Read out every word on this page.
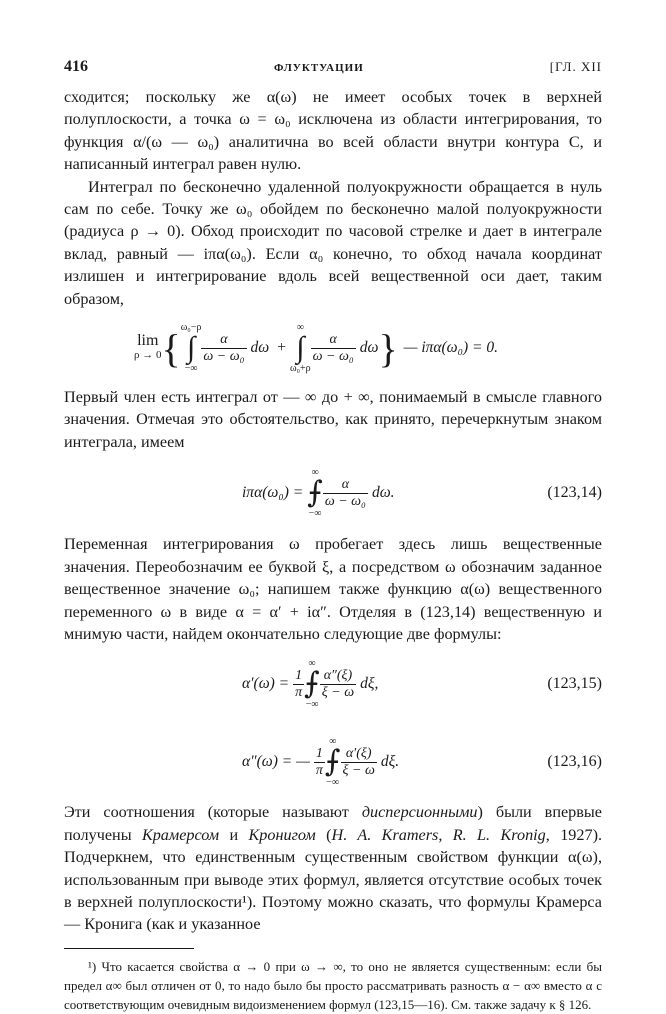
416	ФЛУКТУАЦИИ	[ГЛ. XII

сходится; поскольку же α(ω) не имеет особых точек в верхней полуплоскости, а точка ω = ω₀ исключена из области интегрирования, то функция α/(ω — ω₀) аналитична во всей области внутри контура C, и написанный интеграл равен нулю.

Интеграл по бесконечно удаленной полуокружности обращается в нуль сам по себе. Точку же ω₀ обойдем по бесконечно малой полуокружности (радиуса ρ → 0). Обход происходит по часовой стрелке и дает в интеграле вклад, равный — iπα(ω₀). Если α₀ конечно, то обход начала координат излишен и интегрирование вдоль всей вещественной оси дает, таким образом,

lim
ρ → 0 { ω₀−ρ
∫
−∞
$\frac{\alpha}{\text{ω − ω₀}}$ dω +
∞
∫
ω₀+ρ
$\frac{\alpha}{\text{ω − ω₀}}$ dω } — iπα(ω₀) = 0.

Первый член есть интеграл от — ∞ до + ∞, понимаемый в смысле главного значения. Отмечая это обстоятельство, как принято, перечеркнутым знаком интеграла, имеем

iπα(ω₀) =
∞
⨍
−∞
$\frac{\alpha}{\text{ω − ω₀}} d\omega$.	(123,14)

Переменная интегрирования ω пробегает здесь лишь вещественные значения. Переобозначим ее буквой ξ, а посредством ω обозначим заданное вещественное значение ω₀; напишем также функцию α(ω) вещественного переменного ω в виде α = α′ + iα″. Отделяя в (123,14) вещественную и мнимую части, найдем окончательно следующие две формулы:

$\alpha'(\omega) = \frac{1}{\pi}$
∞
⨍
−∞
$\frac{\alpha''(\xi)}{\xi - \omega} d\xi$,	(123,15)
α″(ω) = — $\frac{1}{\pi}$
∞
⨍
−∞
$\frac{\alpha'(\xi)}{\xi - \omega} d\xi$.	(123,16)

Эти соотношения (которые называют дисперсионными) были впервые получены Крамерсом и Кронигом (H. A. Kramers, R. L. Kronig, 1927). Подчеркнем, что единственным существенным свойством функции α(ω), использованным при выводе этих формул, является отсутствие особых точек в верхней полуплоскости¹). Поэтому можно сказать, что формулы Крамерса — Кронига (как и указанное

¹) Что касается свойства α → 0 при ω → ∞, то оно не является существенным: если бы предел α∞ был отличен от 0, то надо было бы просто рассматривать разность α − α∞ вместо α с соответствующим очевидным видоизменением формул (123,15—16). См. также задачу к § 126.
